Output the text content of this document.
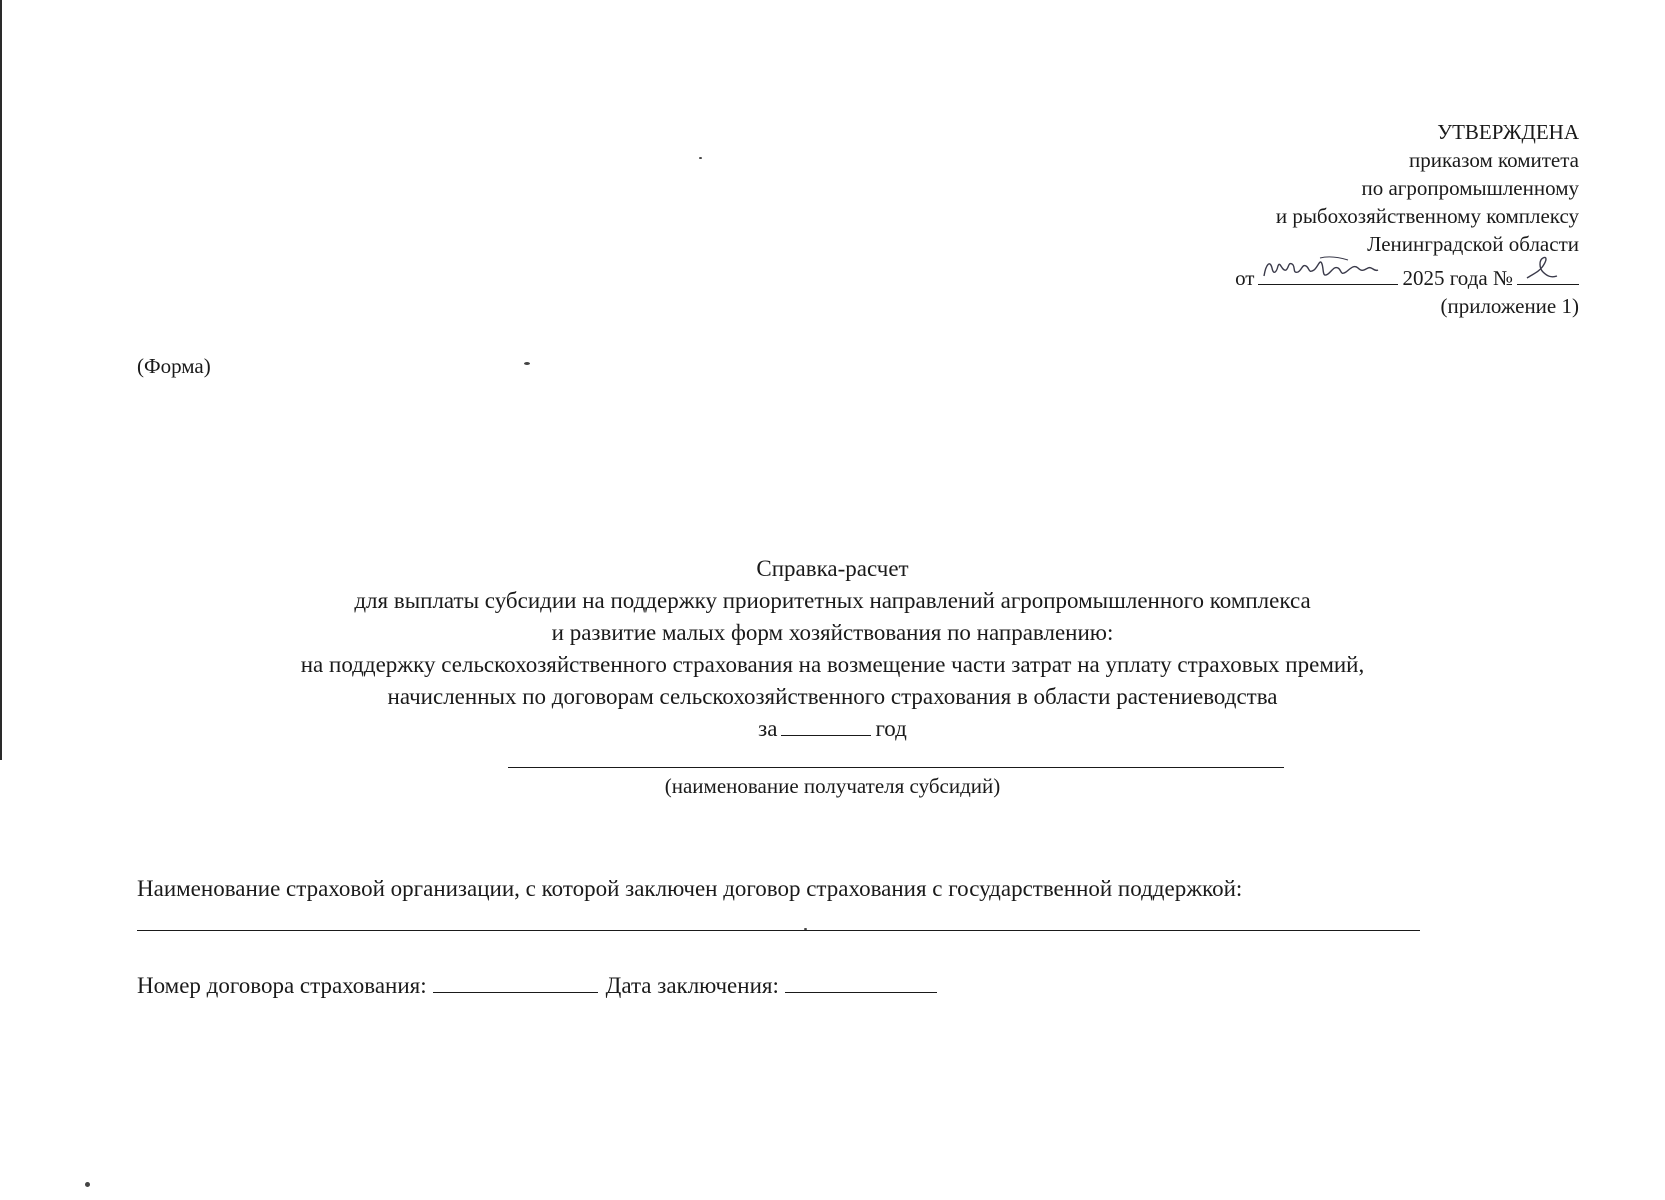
УТВЕРЖДЕНА
приказом комитета
по агропромышленному
и рыбохозяйственному комплексу
Ленинградской области
от	2025 года №
(приложение 1)
(Форма)
Справка-расчет
для выплаты субсидии на поддержку приоритетных направлений агропромышленного комплекса
и развитие малых форм хозяйствования по направлению:
на поддержку сельскохозяйственного страхования на возмещение части затрат на уплату страховых премий,
начисленных по договорам сельскохозяйственного страхования в области растениеводства
за	год
(наименование получателя субсидий)
Наименование страховой организации, с которой заключен договор страхования с государственной поддержкой:
Номер договора страхования:	Дата заключения:
